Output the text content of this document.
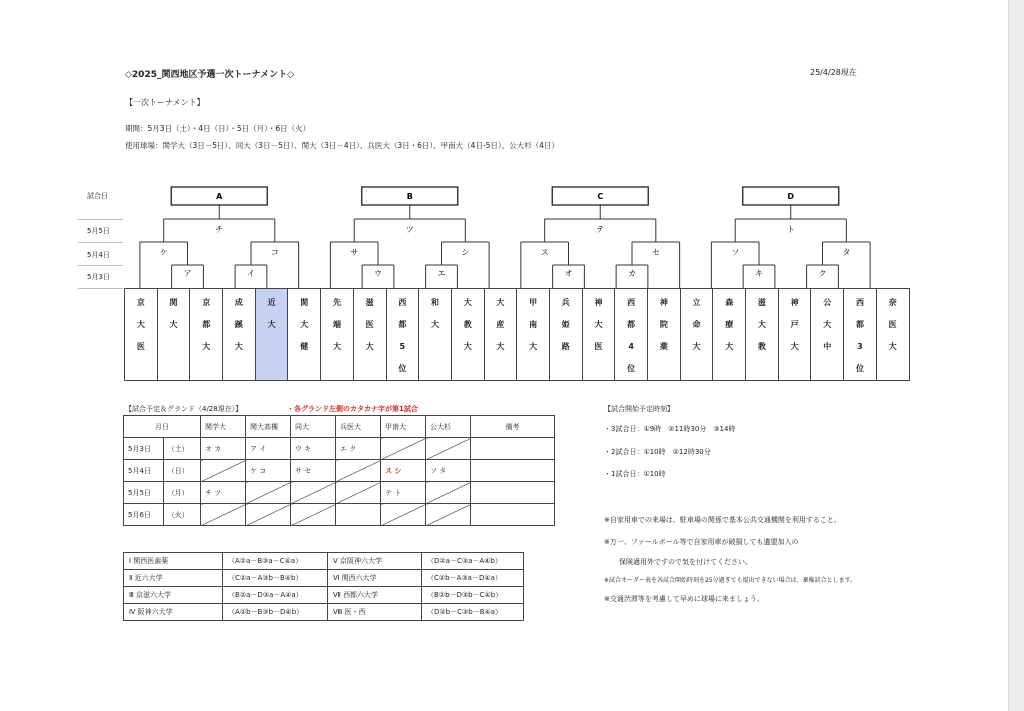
◇2025_関西地区予選一次トーナメント◇	25/4/28現在
【一次トーナメント】
期間：5月3日（土）・4日（日）・5日（月）・6日（火）
使用球場：関学大（3日－5日）、同大（3日－5日）、関大（3日－4日）、兵医大（3日・6日）、甲南大（4日-5日）、公大杉（4日）
試合日
5月5日
5月4日
5月3日	ア
ケ
イ
コ
チ
A
ウ
サ
エ
シ
ツ
B
オ
ス
カ
セ
テ
C
キ
ソ
ク
タ
ト
D
京大医

関大

京都大

成蹊大

近大

関大健

先端大

滋医大

西都5位

和大

大教大

大産大

甲南大

兵姫路

神大医

西都4位

神院薬

立命大

森療大

滋大教

神戸大

公大中

西都3位

奈医大
【試合予定＆グランド（4/28現在）】	・各グランド左側のカタカナ字が第1試合
月日		関学大	関大高槻	同大	兵医大	甲南大	公大杉	備考
5月3日	（土）	オ カ	ア イ	ウ キ	エ ク			
5月4日	（日）		ケ コ	サ セ		ス シ	ソ タ	
5月5日	（月）	チ ツ				テ ト		
5月6日	（火）							
Ⅰ 関西医歯薬	（A②a－B③a－C④a）	Ⅴ 京阪神六大学	（D②a－C③a－A④b）
Ⅱ 近六大学	（C②a－A③b－B④b）	Ⅵ 関西六大学	（C②b－A③a－D④a）
Ⅲ 京滋六大学	（B②a－D③a－A④a）	Ⅶ 西都六大学	（B②b－D③b－C④b）
Ⅳ 阪神六大学	（A②b－B③b－D④b）	Ⅷ 医・西	（D②b－C③b－B④a）
【試合開始予定時刻】
・3試合日：①9時　②11時30分　③14時
・2試合日：①10時　②12時30分
・1試合日：①10時
※自家用車での来場は、駐車場の関係で基本公共交通機関を利用すること。
※万一、ファールボール等で自家用車が破損しても遺盟加入の
保険適用外ですので気を付けてください。
※試合オーダー表を各試合開始時刻を25分過ぎても提出できない場合は、棄権試合とします。
※交通渋滞等を考慮して早めに球場に来ましょう。
